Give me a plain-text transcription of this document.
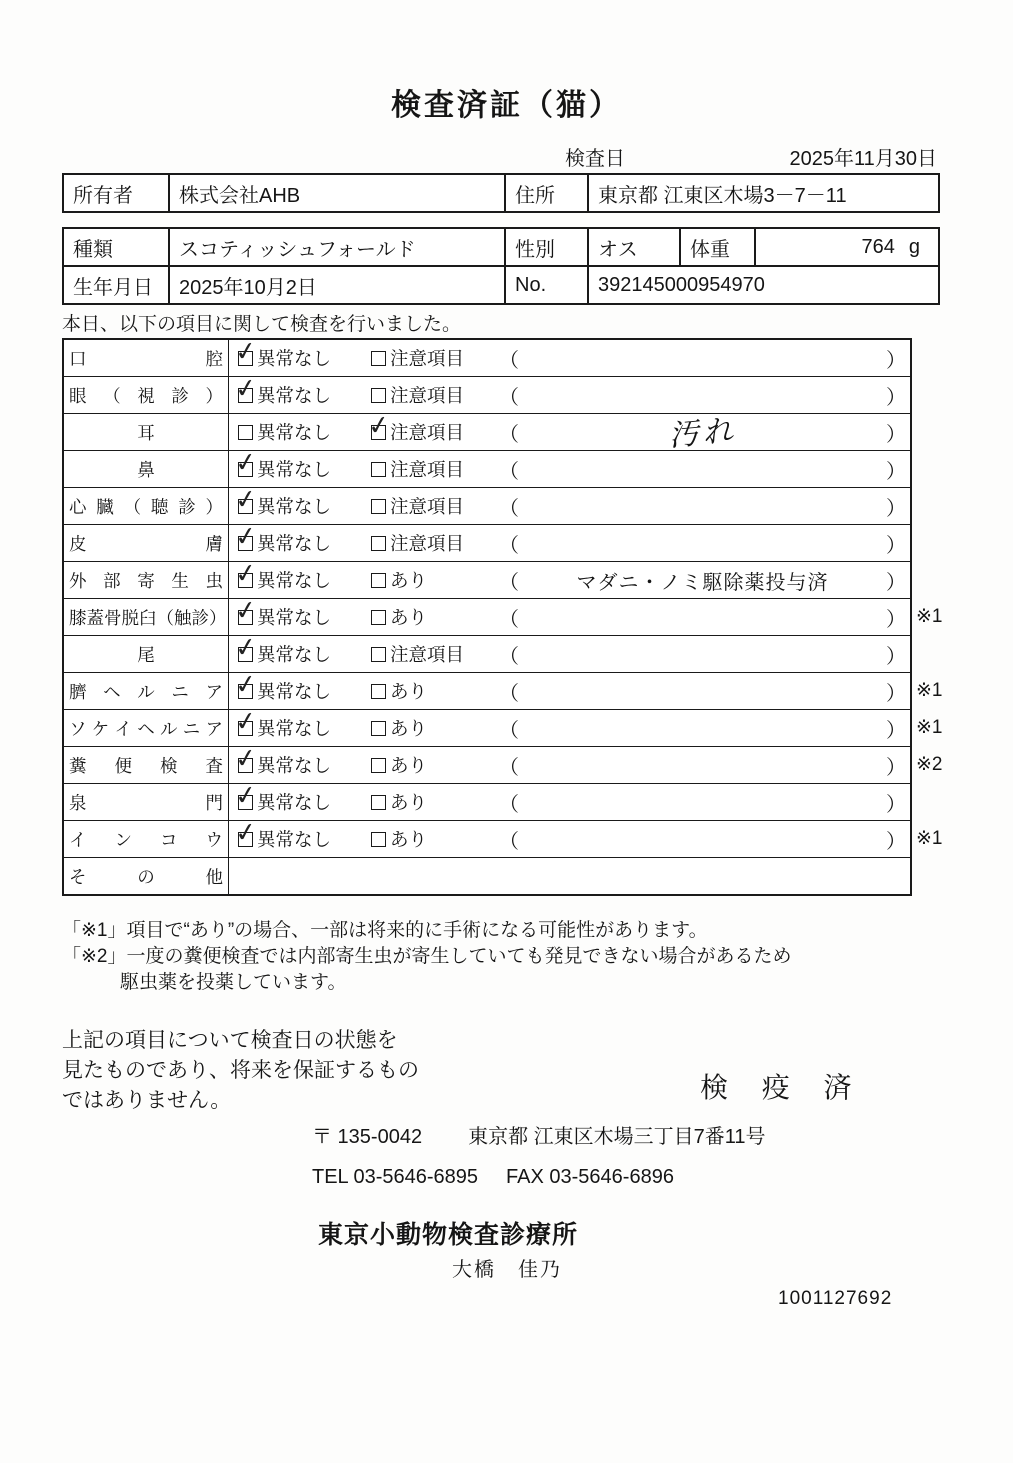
検査済証（猫）
検査日	2025年11月30日
所有者	株式会社AHB	住所	東京都 江東区木場3－7－11
種類	スコティッシュフォールド	性別	オス	体重	764 g
生年月日	2025年10月2日	No.	392145000954970
本日、以下の項目に関して検査を行いました。
口 腔 ✓ 異常なし	注意項目 （	）
眼 （ 視 診 ） ✓ 異常なし	注意項目 （	）
耳	異常なし ✓	注意項目 （	汚れ	）
鼻 ✓	異常なし	注意項目 （	）
心 臓 （ 聴 診 ） ✓ 異常なし	注意項目 （	）
皮 膚 ✓ 異常なし	注意項目 （	）
外 部 寄 生 虫 ✓ 異常なし	あり	（	マダニ・ノミ駆除薬投与済	）
膝蓋骨脱臼（触診） ✓ 異常なし	あり	（	） ※1
尾 ✓	異常なし	注意項目 （	）
臍 ヘ ル ニ ア ✓ 異常なし	あり	（	） ※1
ソ ケ イ ヘ ル ニ ア ✓ 異常なし	あり	（	） ※1
糞 便 検 査 ✓ 異常なし	あり	（	） ※2
泉 門 ✓ 異常なし	あり	（	）
イ ン コ ウ ✓ 異常なし	あり	（	） ※1
そ の 他
「※1」項目で“あり”の場合、一部は将来的に手術になる可能性があります。
「※2」一度の糞便検査では内部寄生虫が寄生していても発見できない場合があるため
駆虫薬を投薬しています。
上記の項目について検査日の状態を
見たものであり、将来を保証するもの
ではありません。	検 疫 済
〒 135-0042 東京都 江東区木場三丁目7番11号
TEL 03-5646-6895 FAX 03-5646-6896
東京小動物検査診療所
大橋　佳乃
1001127692
